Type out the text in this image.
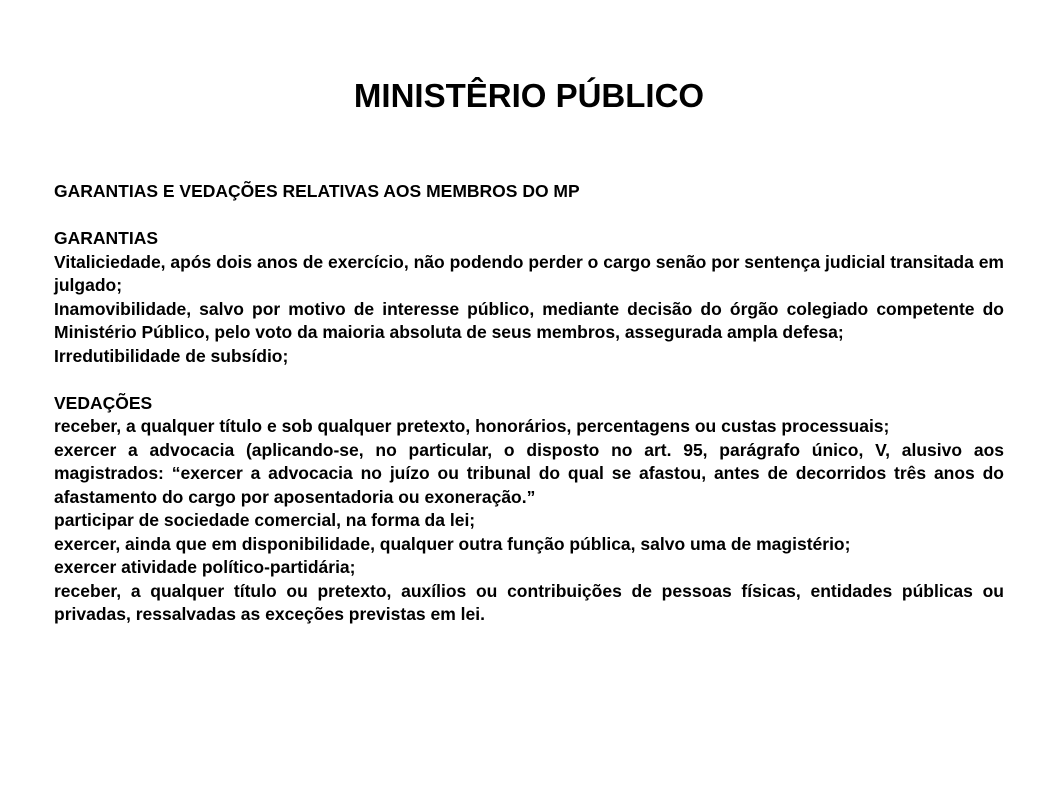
MINISTÊRIO PÚBLICO

GARANTIAS E VEDAÇÕES RELATIVAS AOS MEMBROS DO MP

GARANTIAS

Vitaliciedade, após dois anos de exercício, não podendo perder o cargo senão por sentença judicial transitada em julgado;

Inamovibilidade, salvo por motivo de interesse público, mediante decisão do órgão colegiado competente do Ministério Público, pelo voto da maioria absoluta de seus membros, assegurada ampla defesa;

Irredutibilidade de subsídio;

VEDAÇÕES

receber, a qualquer título e sob qualquer pretexto, honorários, percentagens ou custas processuais;

exercer a advocacia (aplicando-se, no particular, o disposto no art. 95, parágrafo único, V, alusivo aos magistrados: “exercer a advocacia no juízo ou tribunal do qual se afastou, antes de decorridos três anos do afastamento do cargo por aposentadoria ou exoneração.”

participar de sociedade comercial, na forma da lei;

exercer, ainda que em disponibilidade, qualquer outra função pública, salvo uma de magistério;

exercer atividade político-partidária;

receber, a qualquer título ou pretexto, auxílios ou contribuições de pessoas físicas, entidades públicas ou privadas, ressalvadas as exceções previstas em lei.
